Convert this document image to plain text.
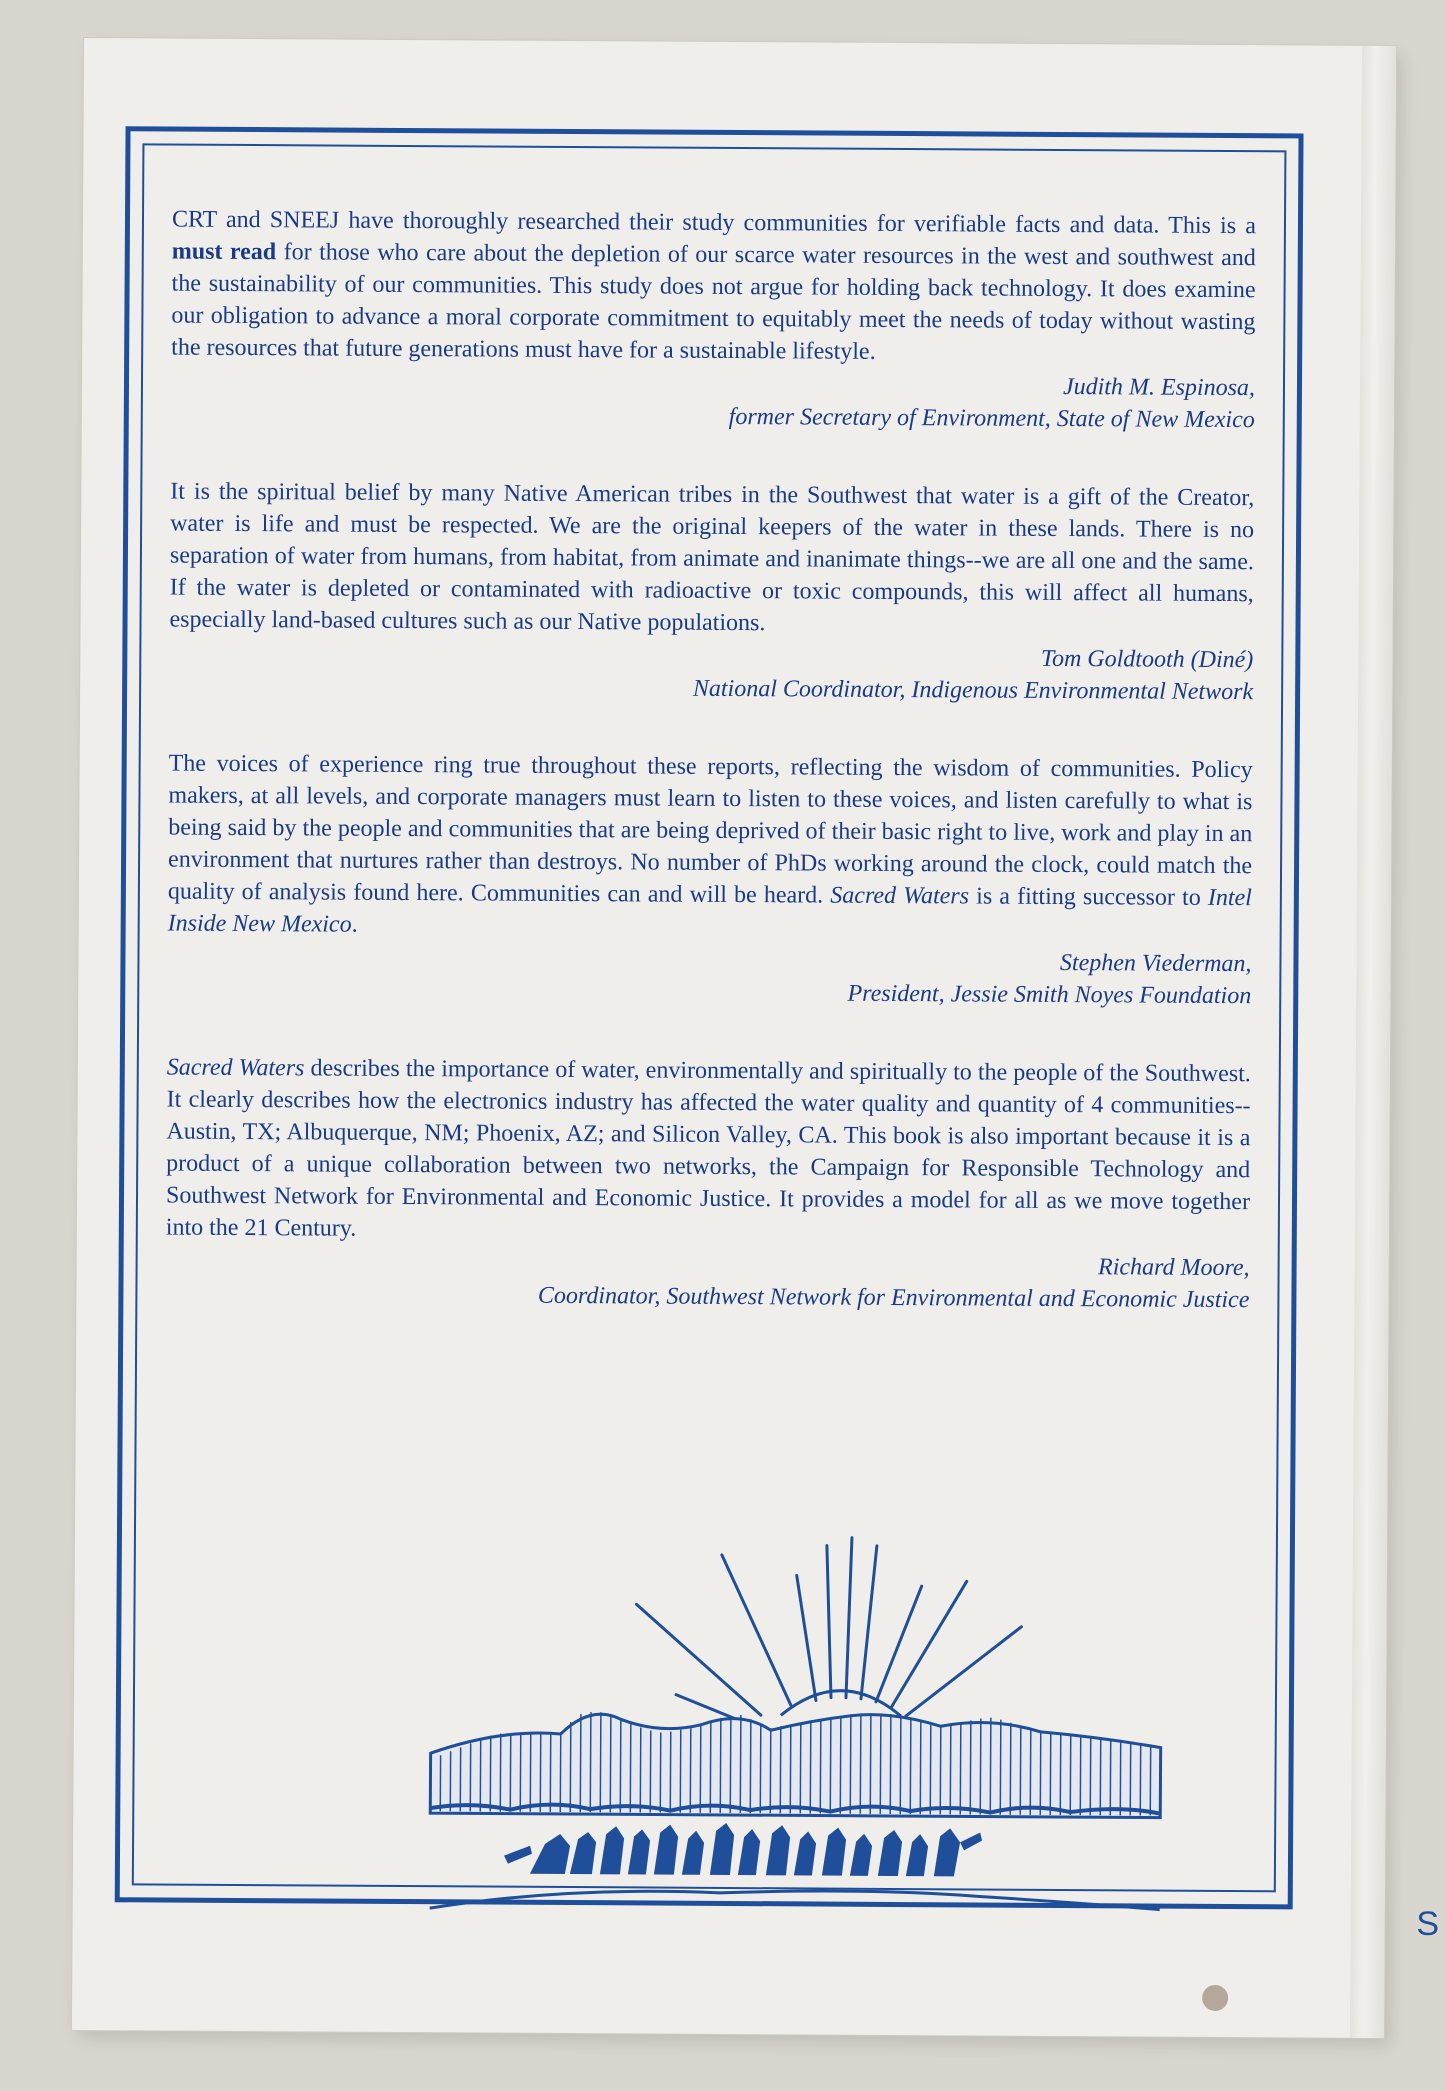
CRT and SNEEJ have thoroughly researched their study communities for verifiable facts and data. This is a must read for those who care about the depletion of our scarce water resources in the west and southwest and the sustainability of our communities. This study does not argue for holding back technology. It does examine our obligation to advance a moral corporate commitment to equitably meet the needs of today without wasting the resources that future generations must have for a sustainable lifestyle.

Judith M. Espinosa,
former Secretary of Environment, State of New Mexico

It is the spiritual belief by many Native American tribes in the Southwest that water is a gift of the Creator, water is life and must be respected. We are the original keepers of the water in these lands. There is no separation of water from humans, from habitat, from animate and inanimate things--we are all one and the same. If the water is depleted or contaminated with radioactive or toxic compounds, this will affect all humans, especially land-based cultures such as our Native populations.

Tom Goldtooth (Diné)
National Coordinator, Indigenous Environmental Network

The voices of experience ring true throughout these reports, reflecting the wisdom of communities. Policy makers, at all levels, and corporate managers must learn to listen to these voices, and listen carefully to what is being said by the people and communities that are being deprived of their basic right to live, work and play in an environment that nurtures rather than destroys. No number of PhDs working around the clock, could match the quality of analysis found here. Communities can and will be heard. Sacred Waters is a fitting successor to Intel Inside New Mexico.

Stephen Viederman,
President, Jessie Smith Noyes Foundation

Sacred Waters describes the importance of water, environmentally and spiritually to the people of the Southwest. It clearly describes how the electronics industry has affected the water quality and quantity of 4 communities--Austin, TX; Albuquerque, NM; Phoenix, AZ; and Silicon Valley, CA. This book is also important because it is a product of a unique collaboration between two networks, the Campaign for Responsible Technology and Southwest Network for Environmental and Economic Justice. It provides a model for all as we move together into the 21 Century.

Richard Moore,
Coordinator, Southwest Network for Environmental and Economic Justice
S
